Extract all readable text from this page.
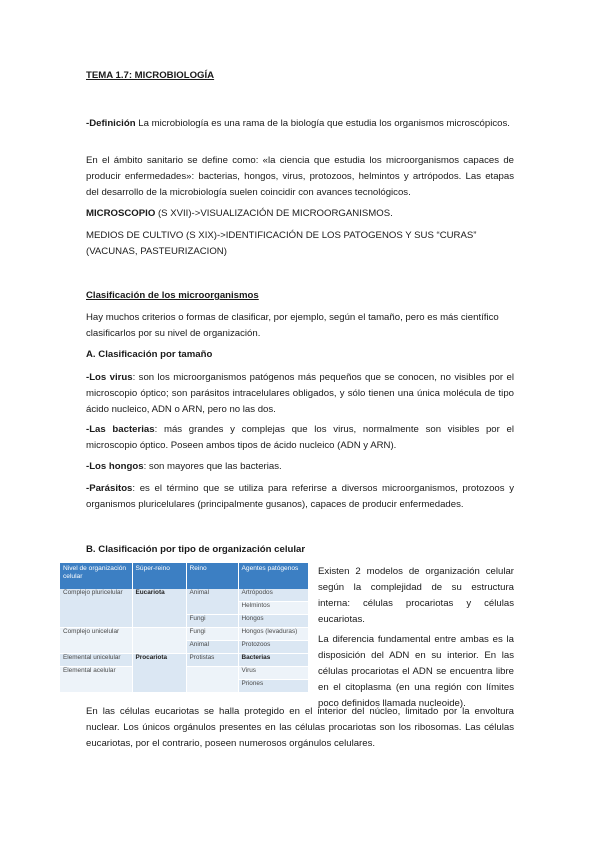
TEMA 1.7: MICROBIOLOGÍA

-Definición La microbiología es una rama de la biología que estudia los organismos microscópicos.

En el ámbito sanitario se define como: «la ciencia que estudia los microorganismos capaces de producir enfermedades»: bacterias, hongos, virus, protozoos, helmintos y artrópodos. Las etapas del desarrollo de la microbiología suelen coincidir con avances tecnológicos.

MICROSCOPIO (S XVII)->VISUALIZACIÓN DE MICROORGANISMOS.

MEDIOS DE CULTIVO (S XIX)->IDENTIFICACIÓN DE LOS PATOGENOS Y SUS “CURAS” (VACUNAS, PASTEURIZACION)

Clasificación de los microorganismos

Hay muchos criterios o formas de clasificar, por ejemplo, según el tamaño, pero es más científico clasificarlos por su nivel de organización.

A. Clasificación por tamaño

-Los virus: son los microorganismos patógenos más pequeños que se conocen, no visibles por el microscopio óptico; son parásitos intracelulares obligados, y sólo tienen una única molécula de tipo ácido nucleico, ADN o ARN, pero no las dos.

-Las bacterias: más grandes y complejas que los virus, normalmente son visibles por el microscopio óptico. Poseen ambos tipos de ácido nucleico (ADN y ARN).

-Los hongos: son mayores que las bacterias.

-Parásitos: es el término que se utiliza para referirse a diversos microorganismos, protozoos y organismos pluricelulares (principalmente gusanos), capaces de producir enfermedades.

B. Clasificación por tipo de organización celular

Nivel de organización celular	Súper-reino	Reino	Agentes patógenos
Complejo pluricelular	Eucariota	Animal	Artrópodos
			Helmintos
		Fungi	Hongos
Complejo unicelular		Fungi	Hongos (levaduras)
		Animal	Protozoos
Elemental unicelular	Procariota	Protistas	Bacterias
Elemental acelular			Virus
			Priones

Existen 2 modelos de organización celular según la complejidad de su estructura interna: células procariotas y células eucariotas.

La diferencia fundamental entre ambas es la disposición del ADN en su interior. En las células procariotas el ADN se encuentra libre en el citoplasma (en una región con límites poco definidos llamada nucleoide).

En las células eucariotas se halla protegido en el interior del núcleo, limitado por la envoltura nuclear. Los únicos orgánulos presentes en las células procariotas son los ribosomas. Las células eucariotas, por el contrario, poseen numerosos orgánulos celulares.
